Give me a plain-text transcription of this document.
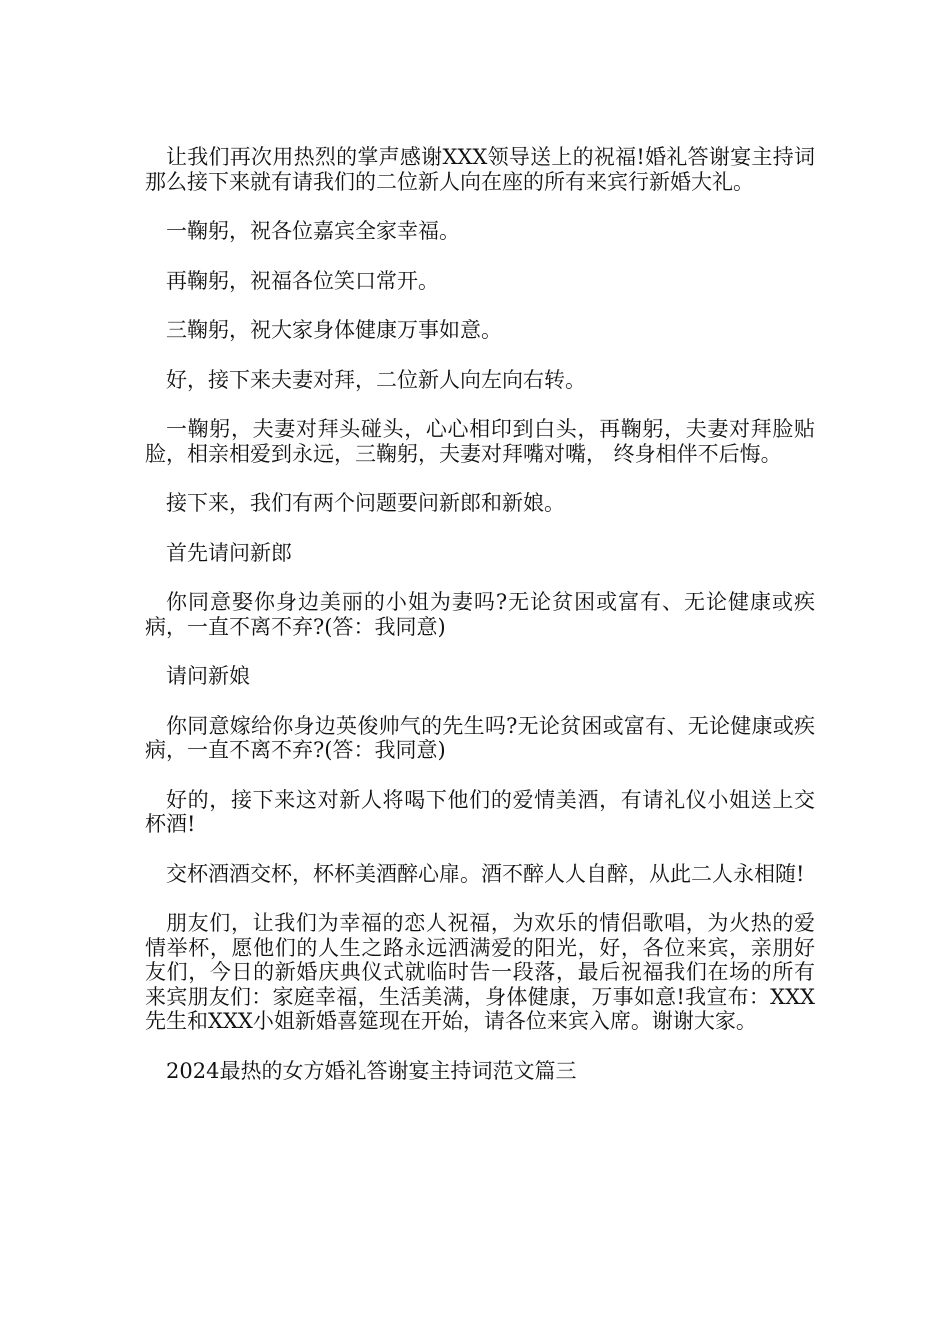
让我们再次用热烈的掌声感谢XXX领导送上的祝福!婚礼答谢宴主持词那么接下来就有请我们的二位新人向在座的所有来宾行新婚大礼。

一鞠躬，祝各位嘉宾全家幸福。

再鞠躬，祝福各位笑口常开。

三鞠躬，祝大家身体健康万事如意。

好，接下来夫妻对拜，二位新人向左向右转。

一鞠躬，夫妻对拜头碰头，心心相印到白头，再鞠躬，夫妻对拜脸贴脸，相亲相爱到永远，三鞠躬，夫妻对拜嘴对嘴， 终身相伴不后悔。

接下来，我们有两个问题要问新郎和新娘。

首先请问新郎

你同意娶你身边美丽的小姐为妻吗?无论贫困或富有、无论健康或疾病，一直不离不弃?(答：我同意)

请问新娘

你同意嫁给你身边英俊帅气的先生吗?无论贫困或富有、无论健康或疾病，一直不离不弃?(答：我同意)

好的，接下来这对新人将喝下他们的爱情美酒，有请礼仪小姐送上交杯酒!

交杯酒酒交杯，杯杯美酒醉心扉。酒不醉人人自醉，从此二人永相随!

朋友们，让我们为幸福的恋人祝福，为欢乐的情侣歌唱，为火热的爱情举杯，愿他们的人生之路永远洒满爱的阳光，好，各位来宾，亲朋好友们，今日的新婚庆典仪式就临时告一段落，最后祝福我们在场的所有来宾朋友们：家庭幸福，生活美满，身体健康，万事如意!我宣布：XXX先生和XXX小姐新婚喜筵现在开始，请各位来宾入席。谢谢大家。

2024最热的女方婚礼答谢宴主持词范文篇三
